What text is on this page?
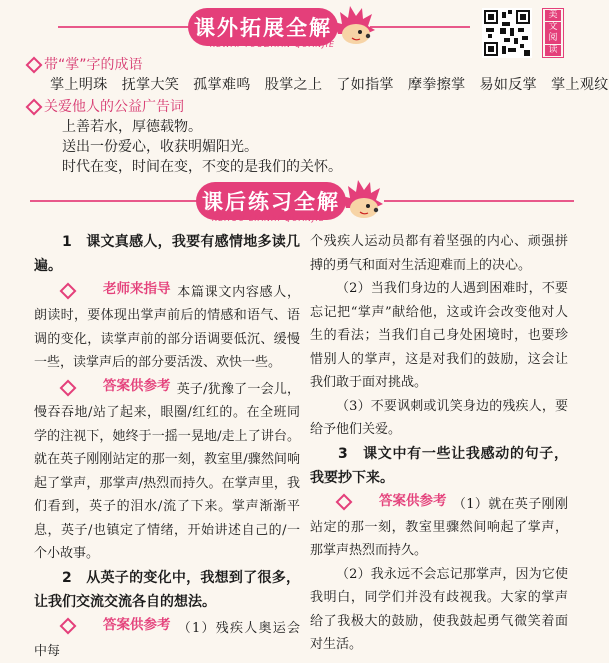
课外拓展全解
KEWAI TUOZHAN QUANJIE
美
文
阅
读
带“掌”字的成语
掌上明珠 抚掌大笑 孤掌难鸣 股掌之上 了如指掌 摩拳擦掌 易如反掌 掌上观纹
关爱他人的公益广告词
上善若水，厚德载物。
送出一份爱心，收获明媚阳光。
时代在变，时间在变，不变的是我们的关怀。
课后练习全解
KEHOU LIANXI QUANJIE

1　课文真感人，我要有感情地多读几遍。

老师来指导 本篇课文内容感人，朗读时，要体现出掌声前后的情感和语气、语调的变化，读掌声前的部分语调要低沉、缓慢一些，读掌声后的部分要活泼、欢快一些。

答案供参考 英子/犹豫了一会儿，慢吞吞地/站了起来，眼圈/红红的。在全班同学的注视下，她终于一摇一晃地/走上了讲台。就在英子刚刚站定的那一刻，教室里/骤然间响起了掌声，那掌声/热烈而持久。在掌声里，我们看到，英子的泪水/流了下来。掌声渐渐平息，英子/也镇定了情绪，开始讲述自己的/一个小故事。

2　从英子的变化中，我想到了很多，让我们交流交流各自的想法。

答案供参考 （1）残疾人奥运会中每

个残疾人运动员都有着坚强的内心、顽强拼搏的勇气和面对生活迎难而上的决心。

（2）当我们身边的人遇到困难时，不要忘记把“掌声”献给他，这或许会改变他对人生的看法；当我们自己身处困境时，也要珍惜别人的掌声，这是对我们的鼓励，这会让我们敢于面对挑战。

（3）不要讽刺或讥笑身边的残疾人，要给予他们关爱。

3　课文中有一些让我感动的句子，我要抄下来。

答案供参考 （1）就在英子刚刚站定的那一刻，教室里骤然间响起了掌声，那掌声热烈而持久。

（2）我永远不会忘记那掌声，因为它使我明白，同学们并没有歧视我。大家的掌声给了我极大的鼓励，使我鼓起勇气微笑着面对生活。
